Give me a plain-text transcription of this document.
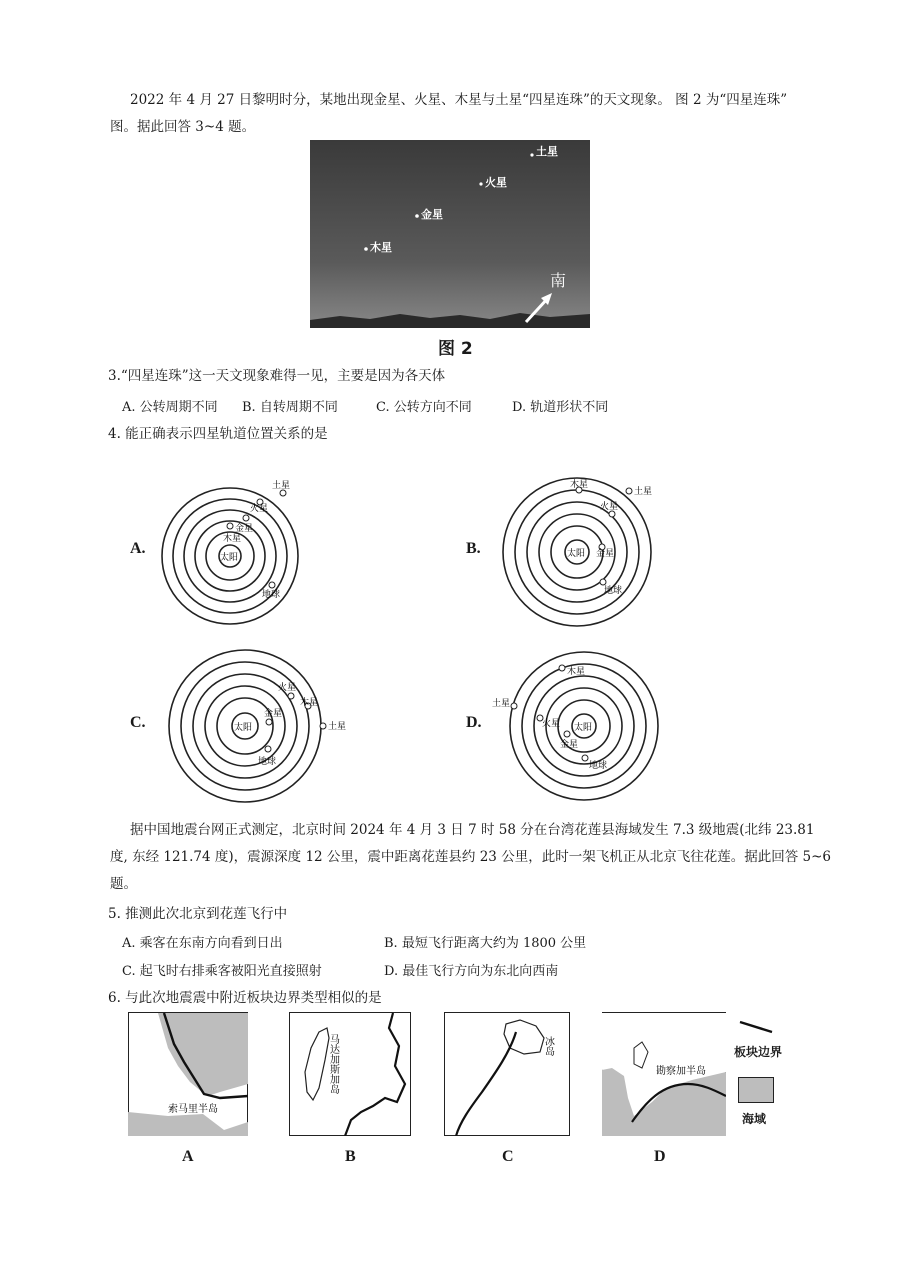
2022 年 4 月 27 日黎明时分，某地出现金星、火星、木星与土星“四星连珠”的天文现象。 图 2 为“四星连珠”

图。据此回答 3~4 题。

土星
火星
金星
木星
南
图 2

3.“四星连珠”这一天文现象难得一见，主要是因为各天体

A. 公转周期不同 B. 自转周期不同	C. 公转方向不同	D. 轨道形状不同

4. 能正确表示四星轨道位置关系的是

A.
太阳
土星
火星
金星
木星
地球
B.	太阳
土星
木星
火星
金星
地球
C.	太阳	土星
木星
火星
金星
地球
D.	太阳
土星
木星
火星
金星
地球

据中国地震台网正式测定，北京时间 2024 年 4 月 3 日 7 时 58 分在台湾花莲县海域发生 7.3 级地震(北纬 23.81

度, 东经 121.74 度)，震源深度 12 公里，震中距离花莲县约 23 公里，此时一架飞机正从北京飞往花莲。据此回答 5~6

题。

5. 推测此次北京到花莲飞行中

A. 乘客在东南方向看到日出	B. 最短飞行距离大约为 1800 公里
C. 起飞时右排乘客被阳光直接照射	D. 最佳飞行方向为东北向西南

6. 与此次地震震中附近板块边界类型相似的是

索马里半岛
A
马达加斯加岛
B
冰岛
C
勘察加半岛
D
板块边界
海域
